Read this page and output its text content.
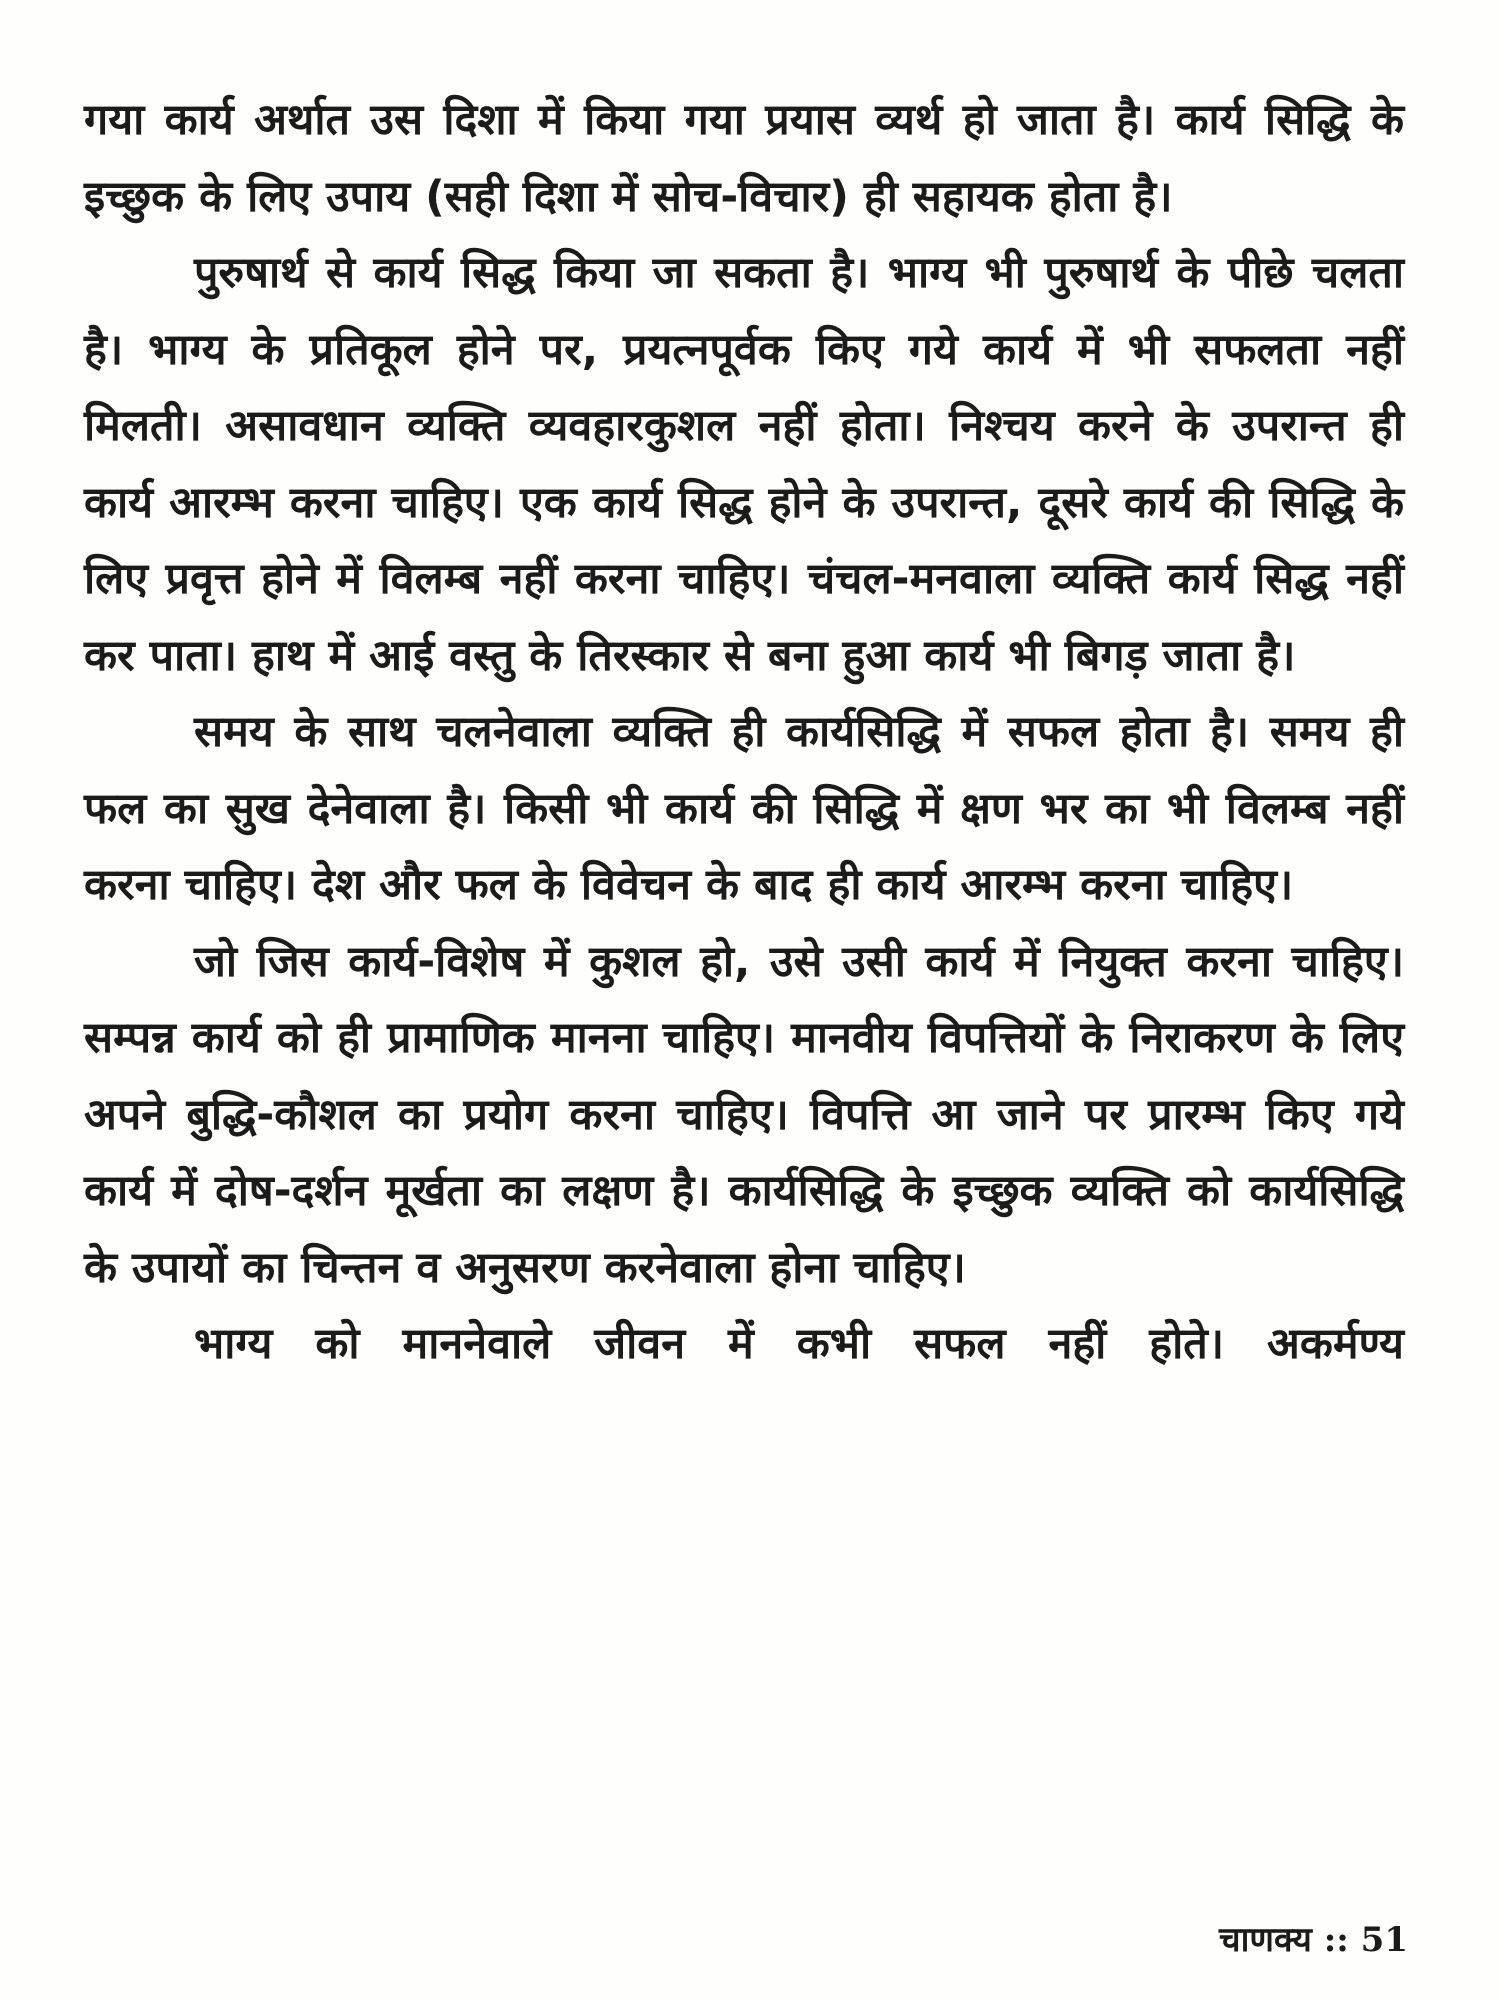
गया कार्य अर्थात उस दिशा में किया गया प्रयास व्यर्थ हो जाता है। कार्य सिद्धि के इच्छुक के लिए उपाय (सही दिशा में सोच-विचार) ही सहायक होता है।

पुरुषार्थ से कार्य सिद्ध किया जा सकता है। भाग्य भी पुरुषार्थ के पीछे चलता है। भाग्य के प्रतिकूल होने पर, प्रयत्नपूर्वक किए गये कार्य में भी सफलता नहीं मिलती। असावधान व्यक्ति व्यवहारकुशल नहीं होता। निश्चय करने के उपरान्त ही कार्य आरम्भ करना चाहिए। एक कार्य सिद्ध होने के उपरान्त, दूसरे कार्य की सिद्धि के लिए प्रवृत्त होने में विलम्ब नहीं करना चाहिए। चंचल-मनवाला व्यक्ति कार्य सिद्ध नहीं कर पाता। हाथ में आई वस्तु के तिरस्कार से बना हुआ कार्य भी बिगड़ जाता है।

समय के साथ चलनेवाला व्यक्ति ही कार्यसिद्धि में सफल होता है। समय ही फल का सुख देनेवाला है। किसी भी कार्य की सिद्धि में क्षण भर का भी विलम्ब नहीं करना चाहिए। देश और फल के विवेचन के बाद ही कार्य आरम्भ करना चाहिए।

जो जिस कार्य-विशेष में कुशल हो, उसे उसी कार्य में नियुक्त करना चाहिए। सम्पन्न कार्य को ही प्रामाणिक मानना चाहिए। मानवीय विपत्तियों के निराकरण के लिए अपने बुद्धि-कौशल का प्रयोग करना चाहिए। विपत्ति आ जाने पर प्रारम्भ किए गये कार्य में दोष-दर्शन मूर्खता का लक्षण है। कार्यसिद्धि के इच्छुक व्यक्ति को कार्यसिद्धि के उपायों का चिन्तन व अनुसरण करनेवाला होना चाहिए।

भाग्य को माननेवाले जीवन में कभी सफल नहीं होते। अकर्मण्य

चाणक्य :: 51
